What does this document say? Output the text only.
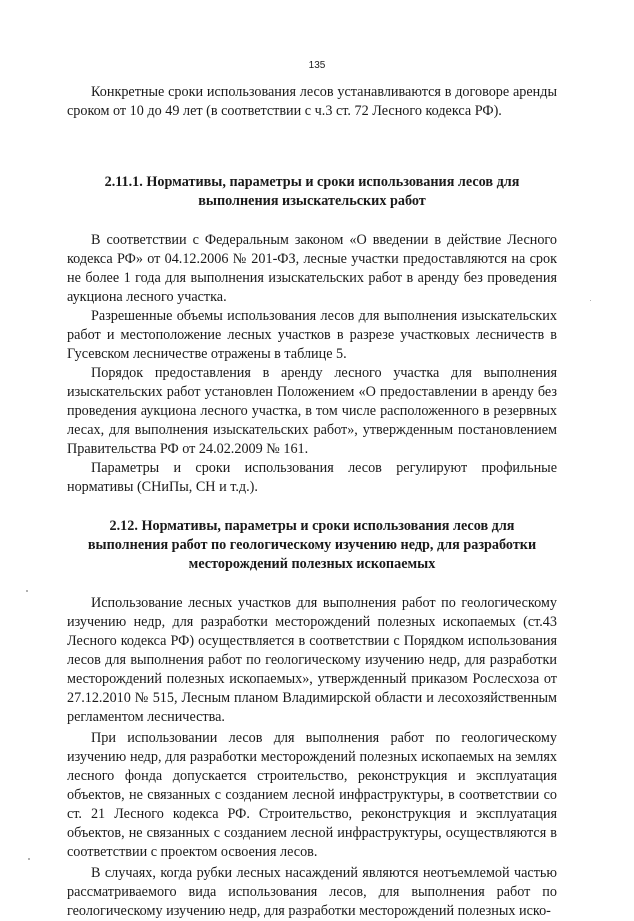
135

Конкретные сроки использования лесов устанавливаются в договоре аренды сроком от 10 до 49 лет (в соответствии с ч.3 ст. 72 Лесного кодекса РФ).

2.11.1. Нормативы, параметры и сроки использования лесов для выполнения изыскательских работ

В соответствии с Федеральным законом «О введении в действие Лесного кодекса РФ» от 04.12.2006 № 201-ФЗ, лесные участки предоставляются на срок не более 1 года для выполнения изыскательских работ в аренду без проведения аукциона лесного участка.

Разрешенные объемы использования лесов для выполнения изыскательских работ и местоположение лесных участков в разрезе участковых лесничеств в Гусевском лесничестве отражены в таблице 5.

Порядок предоставления в аренду лесного участка для выполнения изыскательских работ установлен Положением «О предоставлении в аренду без проведения аукциона лесного участка, в том числе расположенного в резервных лесах, для выполнения изыскательских работ», утвержденным постановлением Правительства РФ от 24.02.2009 № 161.

Параметры и сроки использования лесов регулируют профильные нормативы (СНиПы, СН и т.д.).

2.12. Нормативы, параметры и сроки использования лесов для выполнения работ по геологическому изучению недр, для разработки месторождений полезных ископаемых

Использование лесных участков для выполнения работ по геологическому изучению недр, для разработки месторождений полезных ископаемых (ст.43 Лесного кодекса РФ) осуществляется в соответствии с Порядком использования лесов для выполнения работ по геологическому изучению недр, для разработки месторождений полезных ископаемых», утвержденный приказом Рослесхоза от 27.12.2010 № 515, Лесным планом Владимирской области и лесохозяйственным регламентом лесничества.

При использовании лесов для выполнения работ по геологическому изучению недр, для разработки месторождений полезных ископаемых на землях лесного фонда допускается строительство, реконструкция и эксплуатация объектов, не связанных с созданием лесной инфраструктуры, в соответствии со ст. 21 Лесного кодекса РФ. Строительство, реконструкция и эксплуатация объектов, не связанных с созданием лесной инфраструктуры, осуществляются в соответствии с проектом освоения лесов.

В случаях, когда рубки лесных насаждений являются неотъемлемой частью рассматриваемого вида использования лесов, для выполнения работ по геологическому изучению недр, для разработки месторождений полезных иско-
